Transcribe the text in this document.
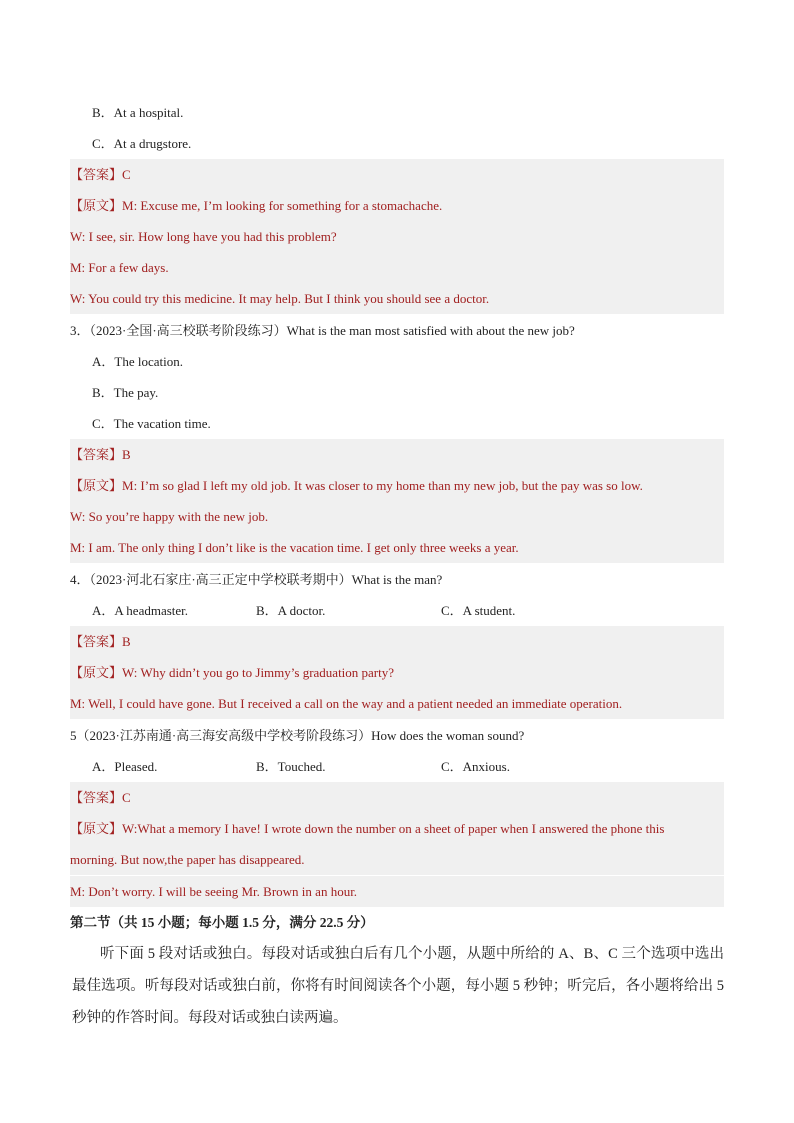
B．At a hospital.
C．At a drugstore.
【答案】C
【原文】M: Excuse me, I’m looking for something for a stomachache.
W: I see, sir. How long have you had this problem?
M: For a few days.
W: You could try this medicine. It may help. But I think you should see a doctor.
3．（2023·全国·高三校联考阶段练习）What is the man most satisfied with about the new job?
A．The location.
B．The pay.
C．The vacation time.
【答案】B
【原文】M: I’m so glad I left my old job. It was closer to my home than my new job, but the pay was so low.
W: So you’re happy with the new job.
M: I am. The only thing I don’t like is the vacation time. I get only three weeks a year.
4．（2023·河北石家庄·高三正定中学校联考期中）What is the man?
A．A headmaster.	B．A doctor.	C．A student.
【答案】B
【原文】W: Why didn’t you go to Jimmy’s graduation party?
M: Well, I could have gone. But I received a call on the way and a patient needed an immediate operation.
5（2023·江苏南通·高三海安高级中学校考阶段练习）How does the woman sound?
A．Pleased.	B．Touched.	C．Anxious.
【答案】C
【原文】W:What a memory I have! I wrote down the number on a sheet of paper when I answered the phone this
morning. But now,the paper has disappeared.
M: Don’t worry. I will be seeing Mr. Brown in an hour.
第二节（共 15 小题；每小题 1.5 分，满分 22.5 分）
听下面 5 段对话或独白。每段对话或独白后有几个小题，从题中所给的 A、B、C 三个选项中选出最佳选项。听每段对话或独白前，你将有时间阅读各个小题，每小题 5 秒钟；听完后，各小题将给出 5 秒钟的作答时间。每段对话或独白读两遍。
